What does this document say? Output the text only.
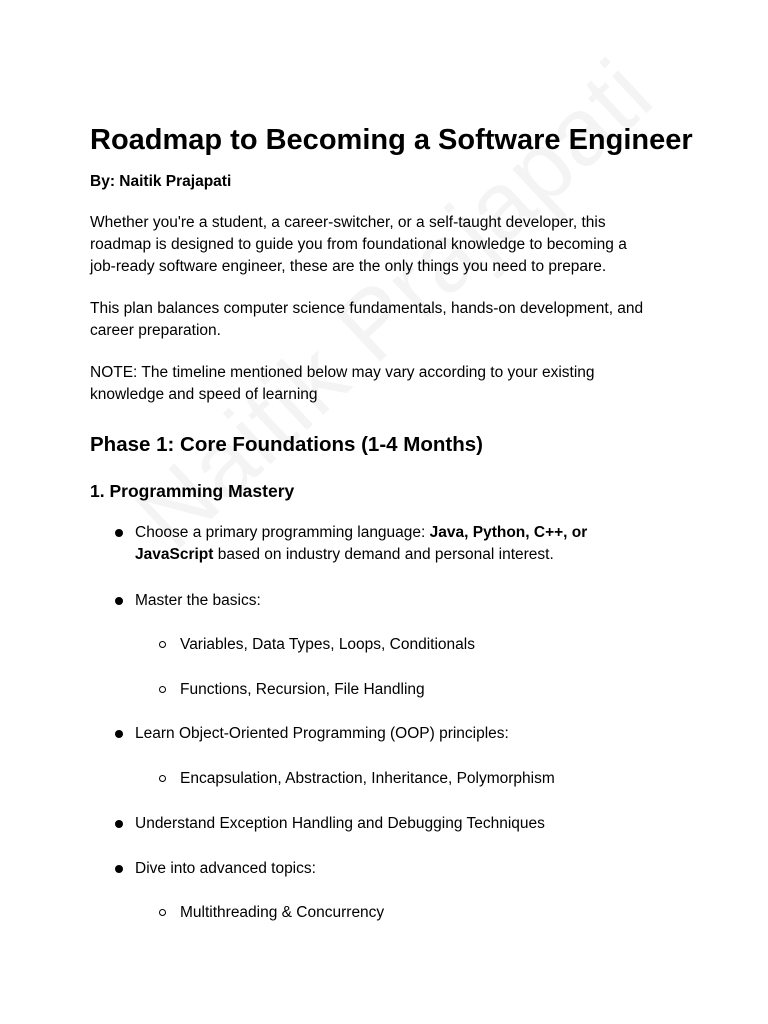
Roadmap to Becoming a Software Engineer

By: Naitik Prajapati

Whether you're a student, a career-switcher, or a self-taught developer, this
roadmap is designed to guide you from foundational knowledge to becoming a
job-ready software engineer, these are the only things you need to prepare.

This plan balances computer science fundamentals, hands-on development, and
career preparation.

NOTE: The timeline mentioned below may vary according to your existing
knowledge and speed of learning

Phase 1: Core Foundations (1-4 Months)
1. Programming Mastery
Choose a primary programming language: Java, Python, C++, or
JavaScript based on industry demand and personal interest.
Master the basics:
Variables, Data Types, Loops, Conditionals
Functions, Recursion, File Handling
Learn Object-Oriented Programming (OOP) principles:
Encapsulation, Abstraction, Inheritance, Polymorphism
Understand Exception Handling and Debugging Techniques
Dive into advanced topics:
Multithreading & Concurrency
